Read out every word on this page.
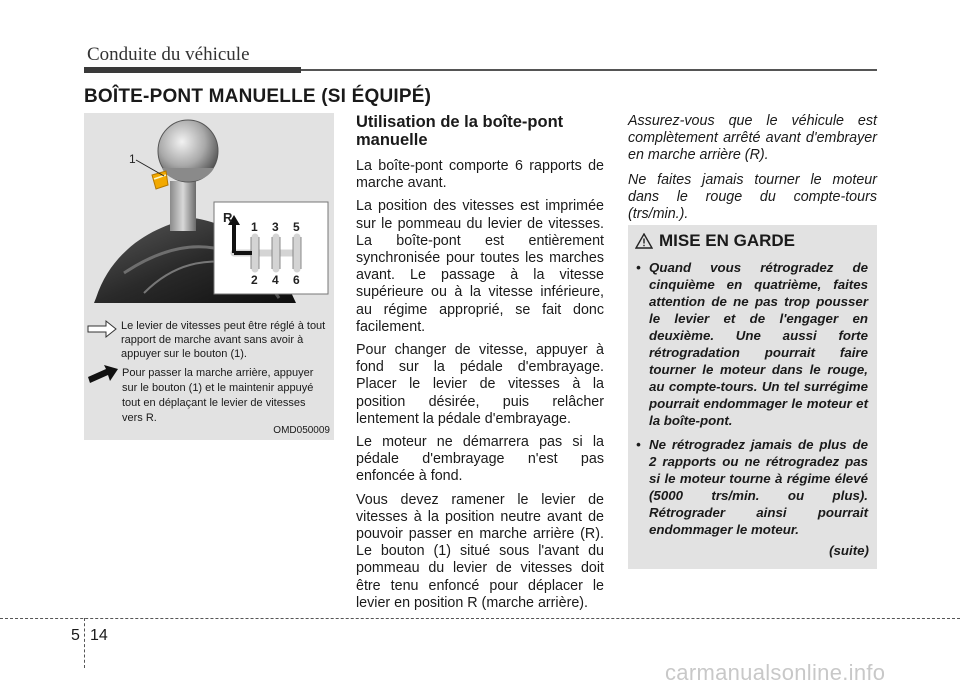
Conduite du véhicule
BOÎTE-PONT MANUELLE (SI ÉQUIPÉ)
R
1 3 5
2 4 6
1
OMD050009
Le levier de vitesses peut être réglé à tout rapport de marche avant sans avoir à appuyer sur le bouton (1).
Pour passer la marche arrière, appuyer sur le bouton (1) et le maintenir appuyé tout en déplaçant le levier de vitesses vers R.
Utilisation de la boîte-pont manuelle

La boîte-pont comporte 6 rapports de marche avant.

La position des vitesses est imprimée sur le pommeau du levier de vitesses. La boîte-pont est entièrement synchronisée pour toutes les marches avant. Le passage à la vitesse supérieure ou à la vitesse inférieure, au régime approprié, se fait donc facilement.

Pour changer de vitesse, appuyer à fond sur la pédale d'embrayage. Placer le levier de vitesses à la position désirée, puis relâcher lentement la pédale d'embrayage.

Le moteur ne démarrera pas si la pédale d'embrayage n'est pas enfoncée à fond.

Vous devez ramener le levier de vitesses à la position neutre avant de pouvoir passer en marche arrière (R). Le bouton (1) situé sous l'avant du pommeau du levier de vitesses doit être tenu enfoncé pour déplacer le levier en position R (marche arrière).

Assurez-vous que le véhicule est complètement arrêté avant d'embrayer en marche arrière (R).

Ne faites jamais tourner le moteur dans le rouge du compte-tours (trs/min.).

MISE EN GARDE
• Quand vous rétrogradez de cinquième en quatrième, faites attention de ne pas trop pousser le levier et de l'engager en deuxième. Une aussi forte rétrogradation pourrait faire tourner le moteur dans le rouge, au compte-tours. Un tel surrégime pourrait endommager le moteur et la boîte-pont.
• Ne rétrogradez jamais de plus de 2 rapports ou ne rétrogradez pas si le moteur tourne à régime élevé (5000 trs/min. ou plus). Rétrograder ainsi pourrait endommager le moteur.
(suite)
5 14
carmanualsonline.info
